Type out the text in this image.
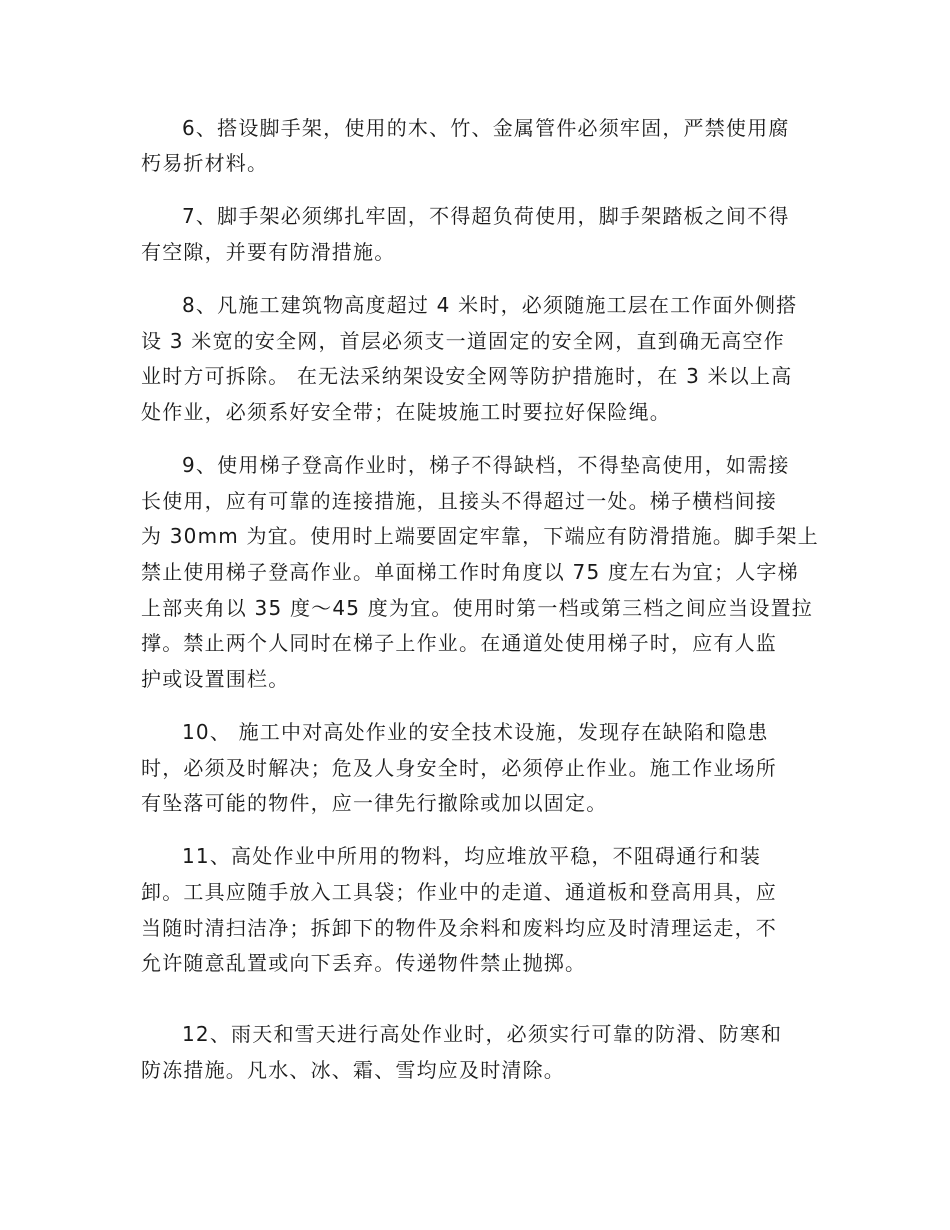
6、搭设脚手架，使用的木、竹、金属管件必须牢固，严禁使用腐
朽易折材料。
7、脚手架必须绑扎牢固，不得超负荷使用，脚手架踏板之间不得
有空隙，并要有防滑措施。
8、凡施工建筑物高度超过 4 米时，必须随施工层在工作面外侧搭
设 3 米宽的安全网，首层必须支一道固定的安全网，直到确无高空作
业时方可拆除。 在无法采纳架设安全网等防护措施时，在 3 米以上高
处作业，必须系好安全带；在陡坡施工时要拉好保险绳。
9、使用梯子登高作业时，梯子不得缺档，不得垫高使用，如需接
长使用，应有可靠的连接措施，且接头不得超过一处。梯子横档间接
为 30mm 为宜。使用时上端要固定牢靠，下端应有防滑措施。脚手架上
禁止使用梯子登高作业。单面梯工作时角度以 75 度左右为宜；人字梯
上部夹角以 35 度～45 度为宜。使用时第一档或第三档之间应当设置拉
撑。禁止两个人同时在梯子上作业。在通道处使用梯子时，应有人监
护或设置围栏。
10、 施工中对高处作业的安全技术设施，发现存在缺陷和隐患
时，必须及时解决；危及人身安全时，必须停止作业。施工作业场所
有坠落可能的物件，应一律先行撤除或加以固定。
11、高处作业中所用的物料，均应堆放平稳，不阻碍通行和装
卸。工具应随手放入工具袋；作业中的走道、通道板和登高用具，应
当随时清扫洁净；拆卸下的物件及余料和废料均应及时清理运走，不
允许随意乱置或向下丢弃。传递物件禁止抛掷。
12、雨天和雪天进行高处作业时，必须实行可靠的防滑、防寒和
防冻措施。凡水、冰、霜、雪均应及时清除。
